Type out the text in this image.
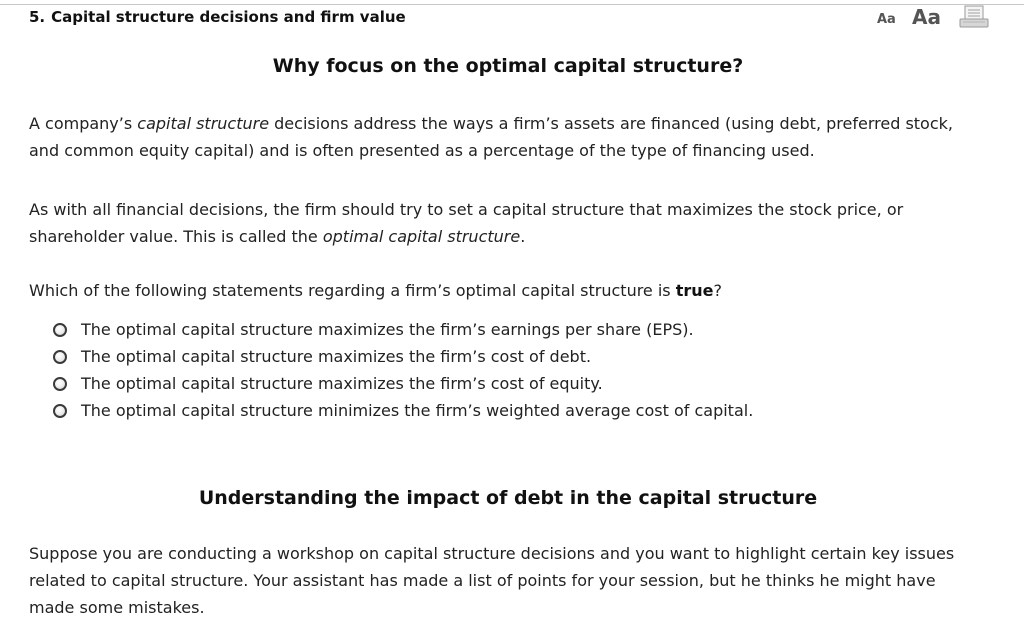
5. Capital structure decisions and firm value	Aa Aa
Why focus on the optimal capital structure?

A company’s capital structure decisions address the ways a firm’s assets are financed (using debt, preferred stock, and common equity capital) and is often presented as a percentage of the type of financing used.

As with all financial decisions, the firm should try to set a capital structure that maximizes the stock price, or shareholder value. This is called the optimal capital structure.

Which of the following statements regarding a firm’s optimal capital structure is true?
The optimal capital structure maximizes the firm’s earnings per share (EPS).
The optimal capital structure maximizes the firm’s cost of debt.
The optimal capital structure maximizes the firm’s cost of equity.
The optimal capital structure minimizes the firm’s weighted average cost of capital.
Understanding the impact of debt in the capital structure

Suppose you are conducting a workshop on capital structure decisions and you want to highlight certain key issues related to capital structure. Your assistant has made a list of points for your session, but he thinks he might have made some mistakes.
